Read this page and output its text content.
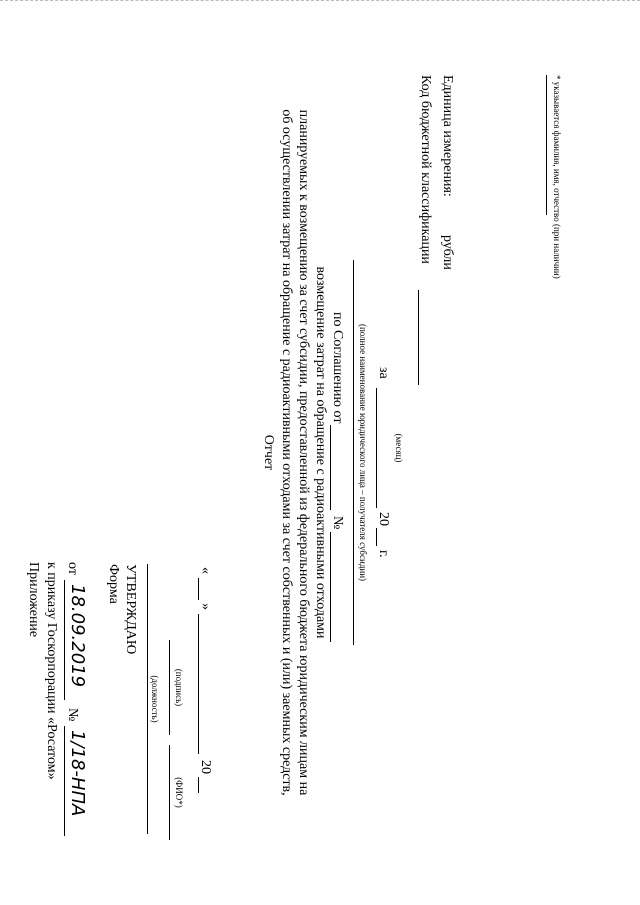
Приложение к приказу Госкорпорации «Росатом» от
18.09.2019
№
1/18-НПА
Форма УТВЕРЖДАЮ
(должность) (подпись)
(ФИО*)
«
»
20
Отчет об осуществлении затрат на обращение с радиоактивными отходами за счет собственных и (или) заемных средств, планируемых к возмещению за счет субсидии, предоставленной из федерального бюджета юридическим лицам на возмещение затрат на обращение с радиоактивными отходами по Соглашению от
№ (полное наименование юридического лица – получателя субсидии) за
20
г.
(месяц)
Код бюджетной классификации Единица измерения:
рубли	* указывается фамилия, имя, отчество (при наличии)
